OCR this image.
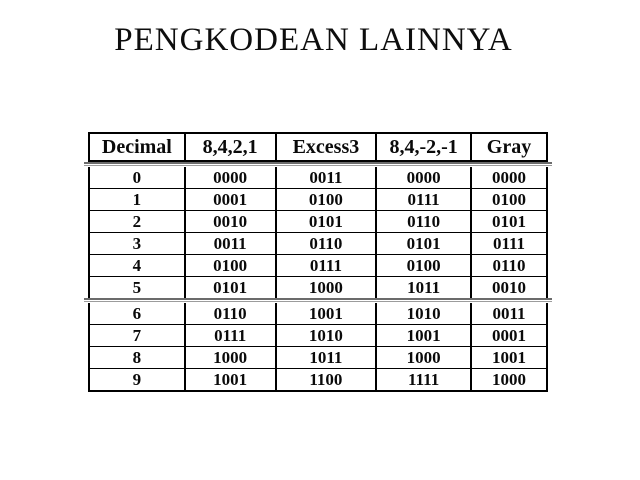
PENGKODEAN LAINNYA
Decimal	8,4,2,1	Excess3	8,4,-2,-1	Gray
0	0000	0011	0000	0000
1	0001	0100	0111	0100
2	0010	0101	0110	0101
3	0011	0110	0101	0111
4	0100	0111	0100	0110
5	0101	1000	1011	0010
6	0110	1001	1010	0011
7	0111	1010	1001	0001
8	1000	1011	1000	1001
9	1001	1100	1111	1000
